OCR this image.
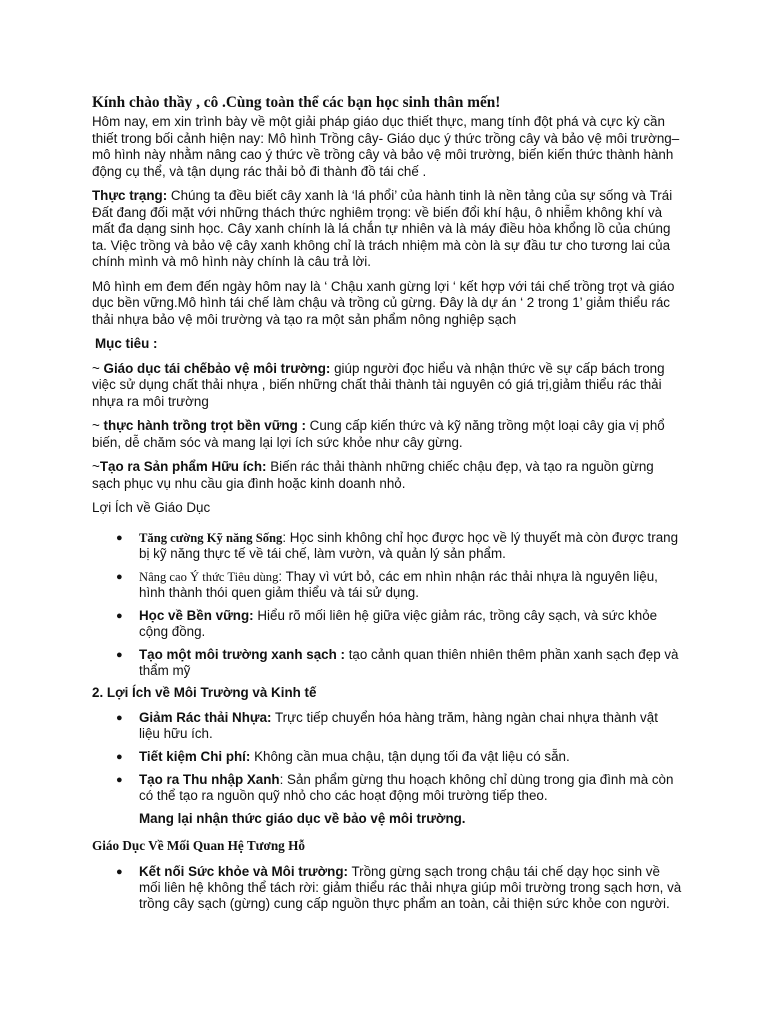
Kính chào thầy , cô .Cùng toàn thể các bạn học sinh thân mến!

Hôm nay, em xin trình bày về một giải pháp giáo dục thiết thực, mang tính đột phá và cực kỳ cần thiết trong bối cảnh hiện nay: Mô hình Trồng cây- Giáo dục ý thức trồng cây và bảo vệ môi trường– mô hình này nhằm nâng cao ý thức về trồng cây và bảo vệ môi trường, biến kiến thức thành hành động cụ thể, và tận dụng rác thải bỏ đi thành đồ tái chế .

Thực trạng: Chúng ta đều biết cây xanh là ‘lá phổi’ của hành tinh là nền tảng của sự sống và Trái Đất đang đối mặt với những thách thức nghiêm trọng: về biến đổi khí hậu, ô nhiễm không khí và mất đa dạng sinh học. Cây xanh chính là lá chắn tự nhiên và là máy điều hòa khổng lồ của chúng ta. Việc trồng và bảo vệ cây xanh không chỉ là trách nhiệm mà còn là sự đầu tư cho tương lai của chính mình và mô hình này chính là câu trả lời.

Mô hình em đem đến ngày hôm nay là ‘ Chậu xanh gừng lợi ‘ kết hợp với tái chế trồng trọt và giáo dục bền vững.Mô hình tái chế làm chậu và trồng củ gừng. Đây là dự án ‘ 2 trong 1’ giảm thiểu rác thải nhựa bảo vệ môi trường và tạo ra một sản phẩm nông nghiệp sạch

Mục tiêu :

~ Giáo dục tái chếbảo vệ môi trường: giúp người đọc hiểu và nhận thức về sự cấp bách trong việc sử dụng chất thải nhựa , biến những chất thải thành tài nguyên có giá trị,giảm thiểu rác thải nhựa ra môi trường

~ thực hành trồng trọt bền vững : Cung cấp kiến thức và kỹ năng trồng một loại cây gia vị phổ biến, dễ chăm sóc và mang lại lợi ích sức khỏe như cây gừng.

~Tạo ra Sản phẩm Hữu ích: Biến rác thải thành những chiếc chậu đẹp, và tạo ra nguồn gừng sạch phục vụ nhu cầu gia đình hoặc kinh doanh nhỏ.

Lợi Ích về Giáo Dục

● Tăng cường Kỹ năng Sống: Học sinh không chỉ học được học về lý thuyết mà còn được trang bị kỹ năng thực tế về tái chế, làm vườn, và quản lý sản phẩm.

● Nâng cao Ý thức Tiêu dùng: Thay vì vứt bỏ, các em nhìn nhận rác thải nhựa là nguyên liệu, hình thành thói quen giảm thiểu và tái sử dụng.

● Học về Bền vững: Hiểu rõ mối liên hệ giữa việc giảm rác, trồng cây sạch, và sức khỏe cộng đồng.

● Tạo một môi trường xanh sạch : tạo cảnh quan thiên nhiên thêm phần xanh sạch đẹp và thẩm mỹ

2. Lợi Ích về Môi Trường và Kinh tế

● Giảm Rác thải Nhựa: Trực tiếp chuyển hóa hàng trăm, hàng ngàn chai nhựa thành vật liệu hữu ích.

● Tiết kiệm Chi phí: Không cần mua chậu, tận dụng tối đa vật liệu có sẵn.

● Tạo ra Thu nhập Xanh: Sản phẩm gừng thu hoạch không chỉ dùng trong gia đình mà còn có thể tạo ra nguồn quỹ nhỏ cho các hoạt động môi trường tiếp theo.

Mang lại nhận thức giáo dục về bảo vệ môi trường.

Giáo Dục Về Mối Quan Hệ Tương Hỗ

● Kết nối Sức khỏe và Môi trường: Trồng gừng sạch trong chậu tái chế dạy học sinh về mối liên hệ không thể tách rời: giảm thiểu rác thải nhựa giúp môi trường trong sạch hơn, và trồng cây sạch (gừng) cung cấp nguồn thực phẩm an toàn, cải thiện sức khỏe con người.
